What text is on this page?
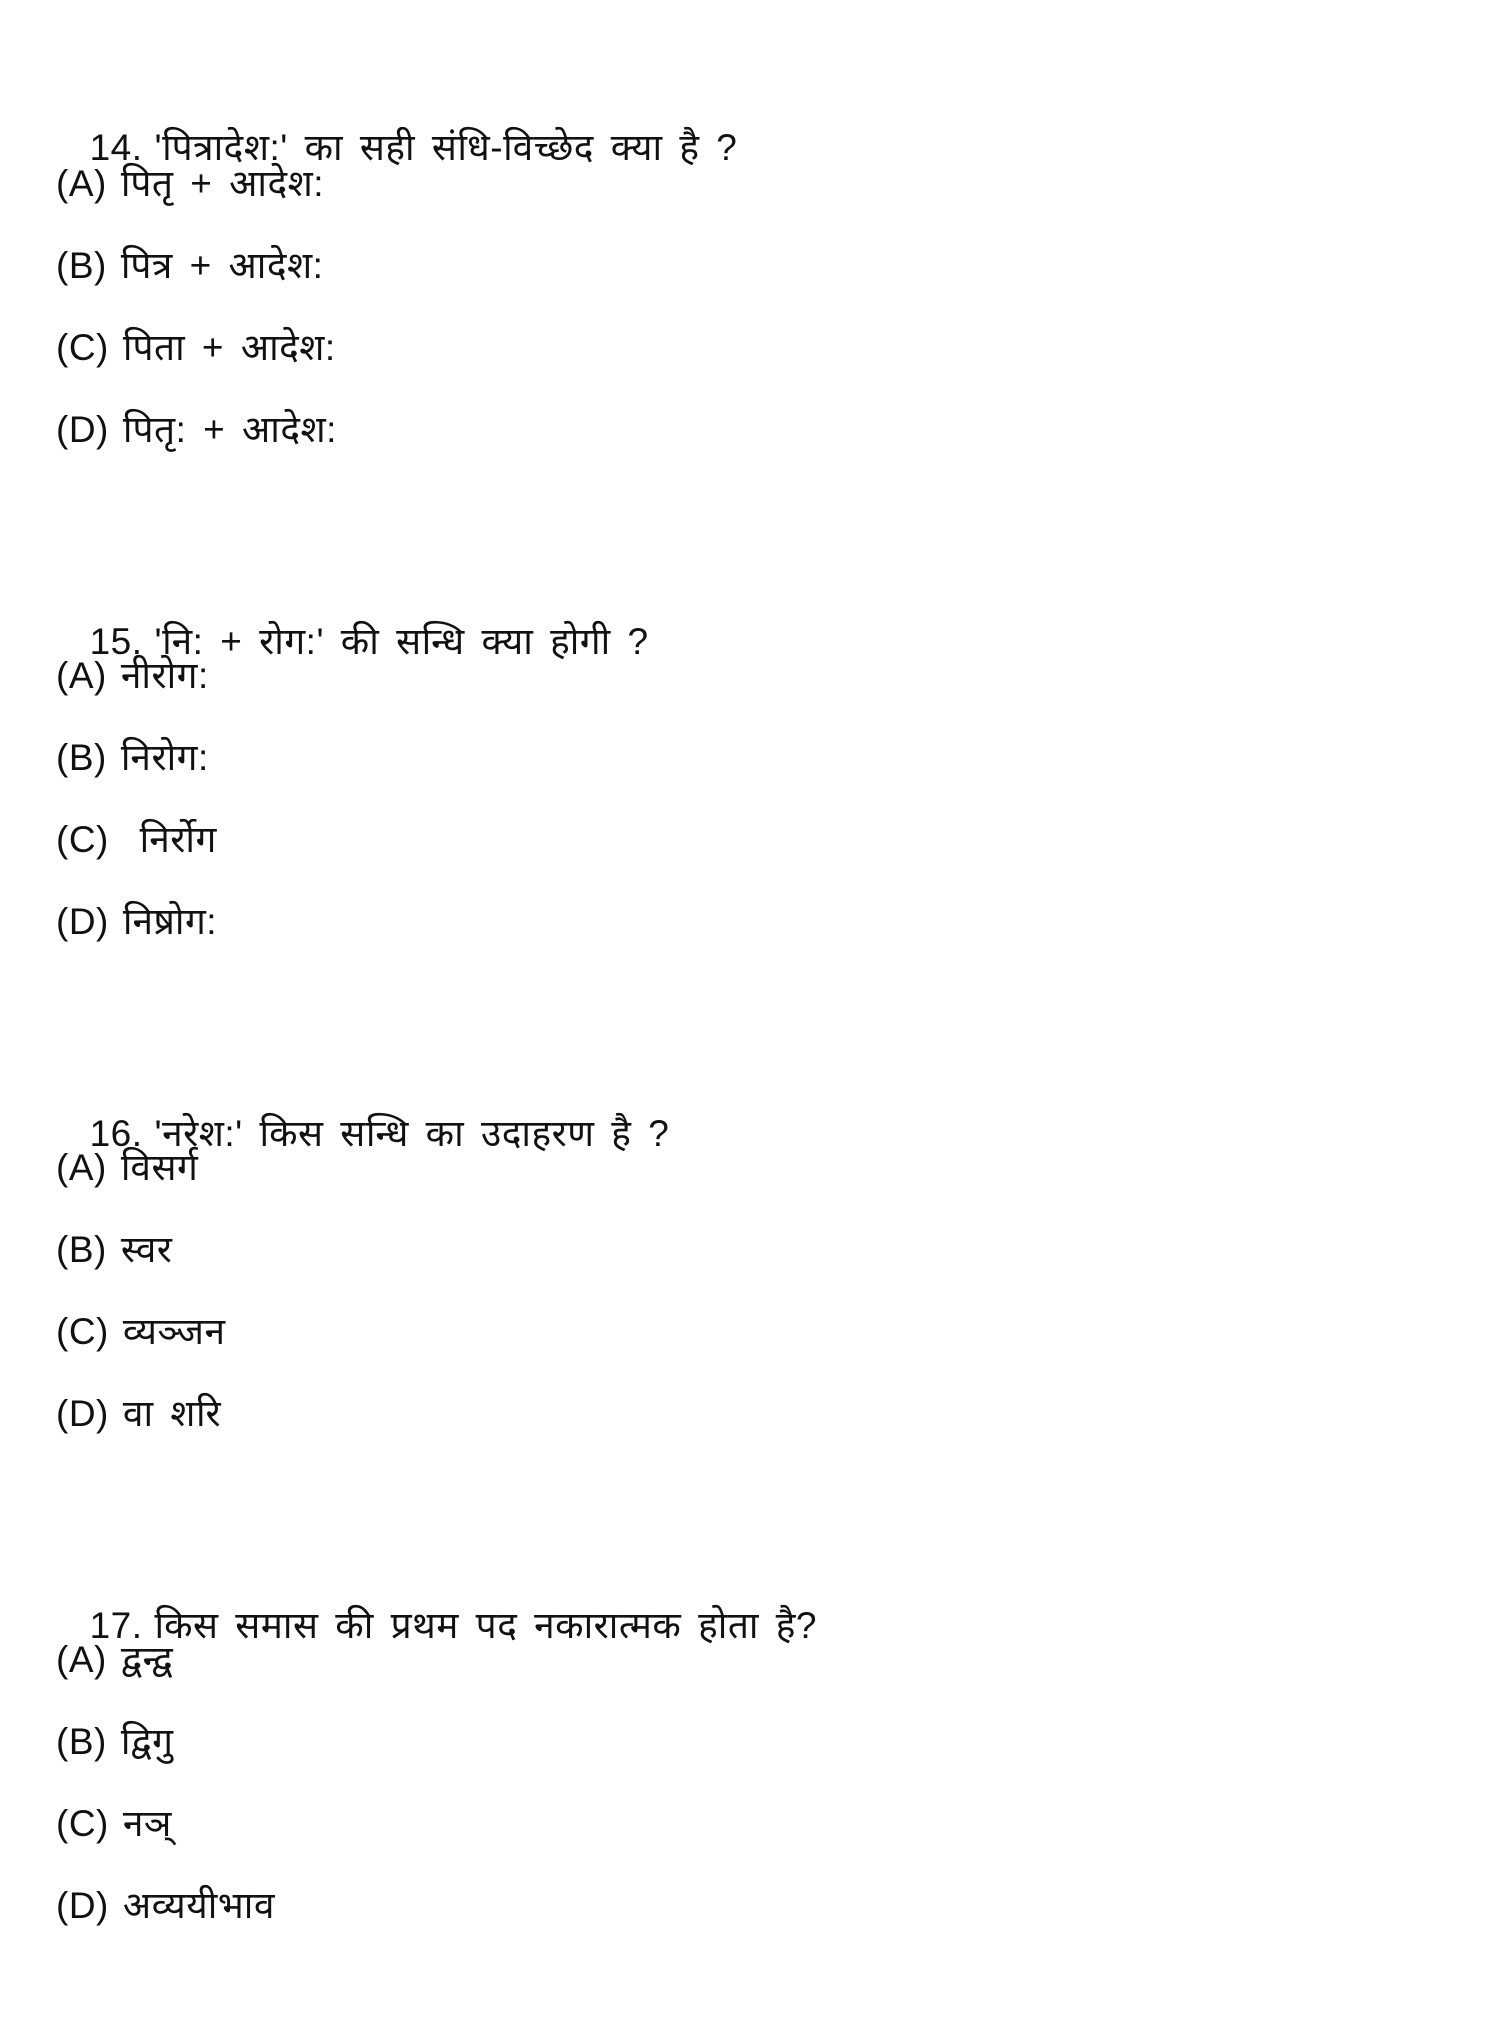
14. 'पित्रादेश:' का सही संधि-विच्छेद क्या है ?

(A) पितृ + आदेश:
(B) पित्र + आदेश:
(C) पिता + आदेश:
(D) पितृ: + आदेश:

15. 'नि: + रोग:' की सन्धि क्या होगी ?

(A) नीरोग:
(B) निरोग:
(C) निर्रोग
(D) निष्रोग:

16. 'नरेश:' किस सन्धि का उदाहरण है ?

(A) विसर्ग
(B) स्वर
(C) व्यञ्जन
(D) वा शरि

17. किस समास की प्रथम पद नकारात्मक होता है?

(A) द्वन्द्व
(B) द्विगु
(C) नञ्
(D) अव्ययीभाव
